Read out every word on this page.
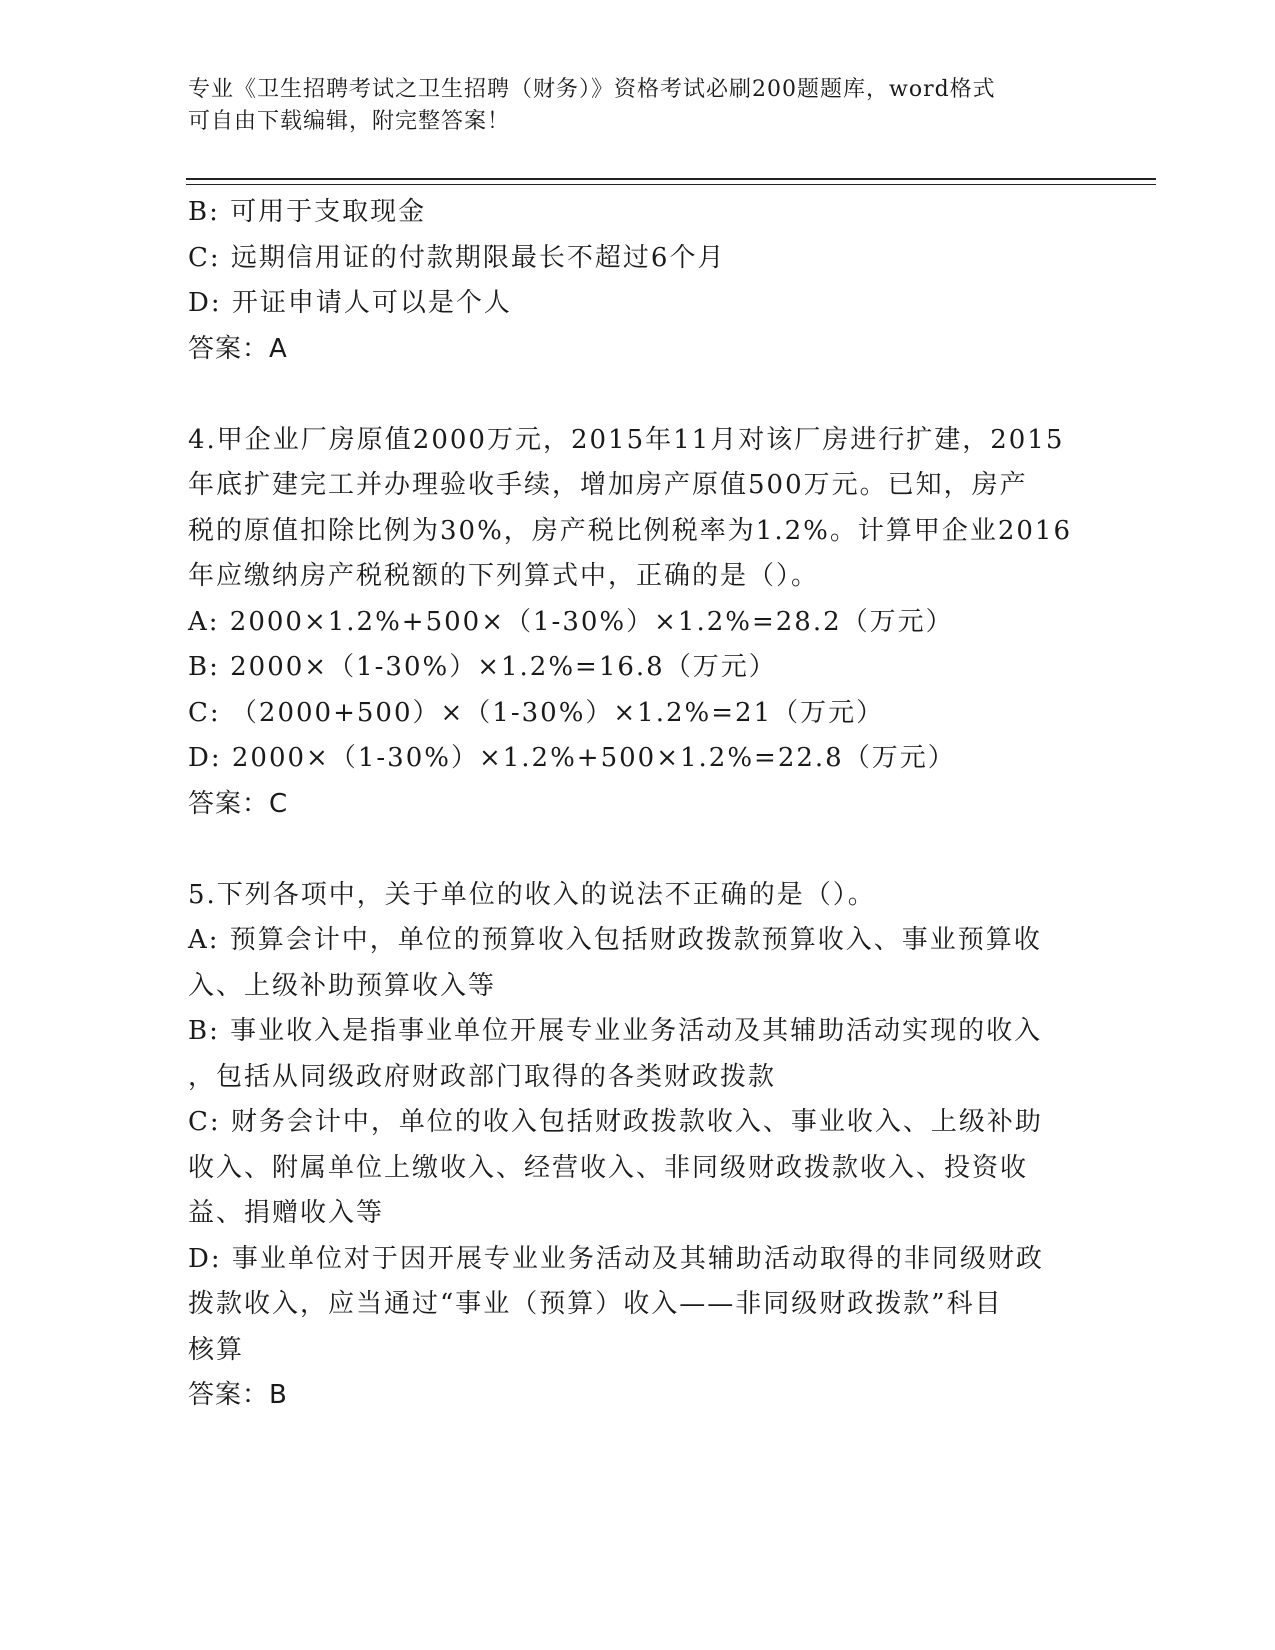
专业《卫生招聘考试之卫生招聘（财务）》资格考试必刷200题题库，word格式
可自由下载编辑，附完整答案！
B: 可用于支取现金
C: 远期信用证的付款期限最长不超过6个月
D: 开证申请人可以是个人
答案：A
4.甲企业厂房原值2000万元，2015年11月对该厂房进行扩建，2015
年底扩建完工并办理验收手续，增加房产原值500万元。已知，房产
税的原值扣除比例为30%，房产税比例税率为1.2%。计算甲企业2016
年应缴纳房产税税额的下列算式中，正确的是（）。
A: 2000×1.2%+500×（1-30%）×1.2%=28.2（万元）
B: 2000×（1-30%）×1.2%=16.8（万元）
C: （2000+500）×（1-30%）×1.2%=21（万元）
D: 2000×（1-30%）×1.2%+500×1.2%=22.8（万元）
答案：C
5.下列各项中，关于单位的收入的说法不正确的是（）。
A: 预算会计中，单位的预算收入包括财政拨款预算收入、事业预算收
入、上级补助预算收入等
B: 事业收入是指事业单位开展专业业务活动及其辅助活动实现的收入
，包括从同级政府财政部门取得的各类财政拨款
C: 财务会计中，单位的收入包括财政拨款收入、事业收入、上级补助
收入、附属单位上缴收入、经营收入、非同级财政拨款收入、投资收
益、捐赠收入等
D: 事业单位对于因开展专业业务活动及其辅助活动取得的非同级财政
拨款收入，应当通过“事业（预算）收入——非同级财政拨款”科目
核算
答案：B
